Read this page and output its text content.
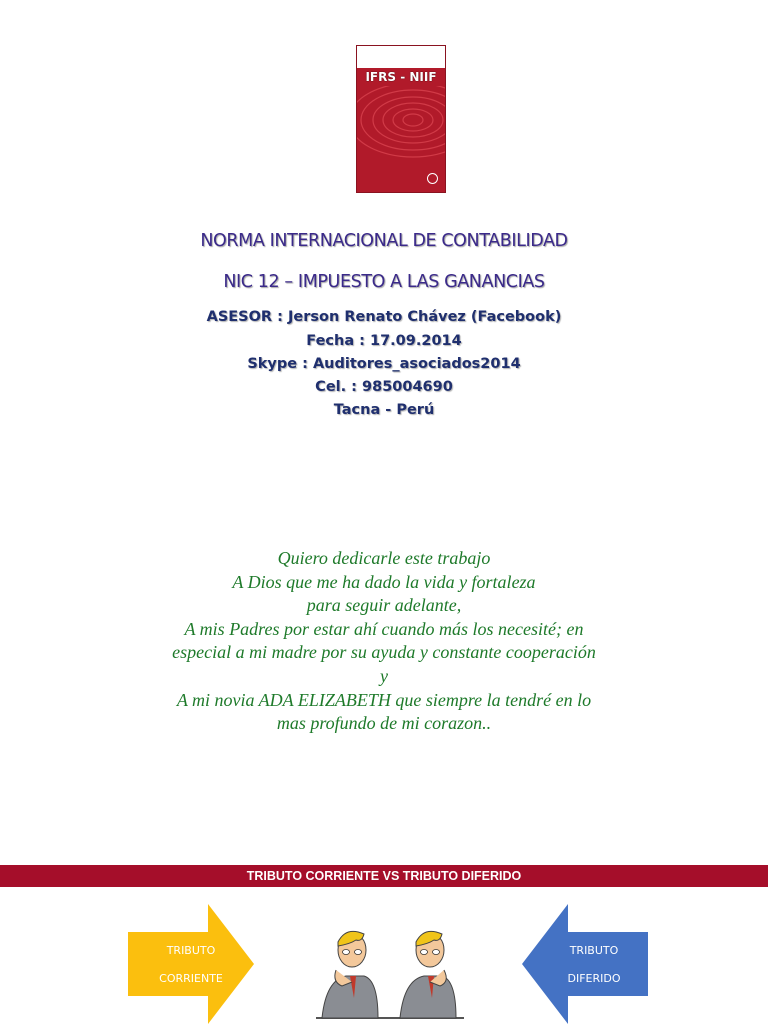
IFRS - NIIF
NORMA INTERNACIONAL DE CONTABILIDAD
NIC 12 – IMPUESTO A LAS GANANCIAS
ASESOR : Jerson Renato Chávez (Facebook)
Fecha : 17.09.2014
Skype : Auditores_asociados2014
Cel. : 985004690
Tacna - Perú
Quiero dedicarle este trabajo
A Dios que me ha dado la vida y fortaleza
para seguir adelante,
A mis Padres por estar ahí cuando más los necesité; en
especial a mi madre por su ayuda y constante cooperación
y
A mi novia ADA ELIZABETH que siempre la tendré en lo
mas profundo de mi corazon..
TRIBUTO CORRIENTE VS TRIBUTO DIFERIDO
TRIBUTO
CORRIENTE
TRIBUTO
DIFERIDO
